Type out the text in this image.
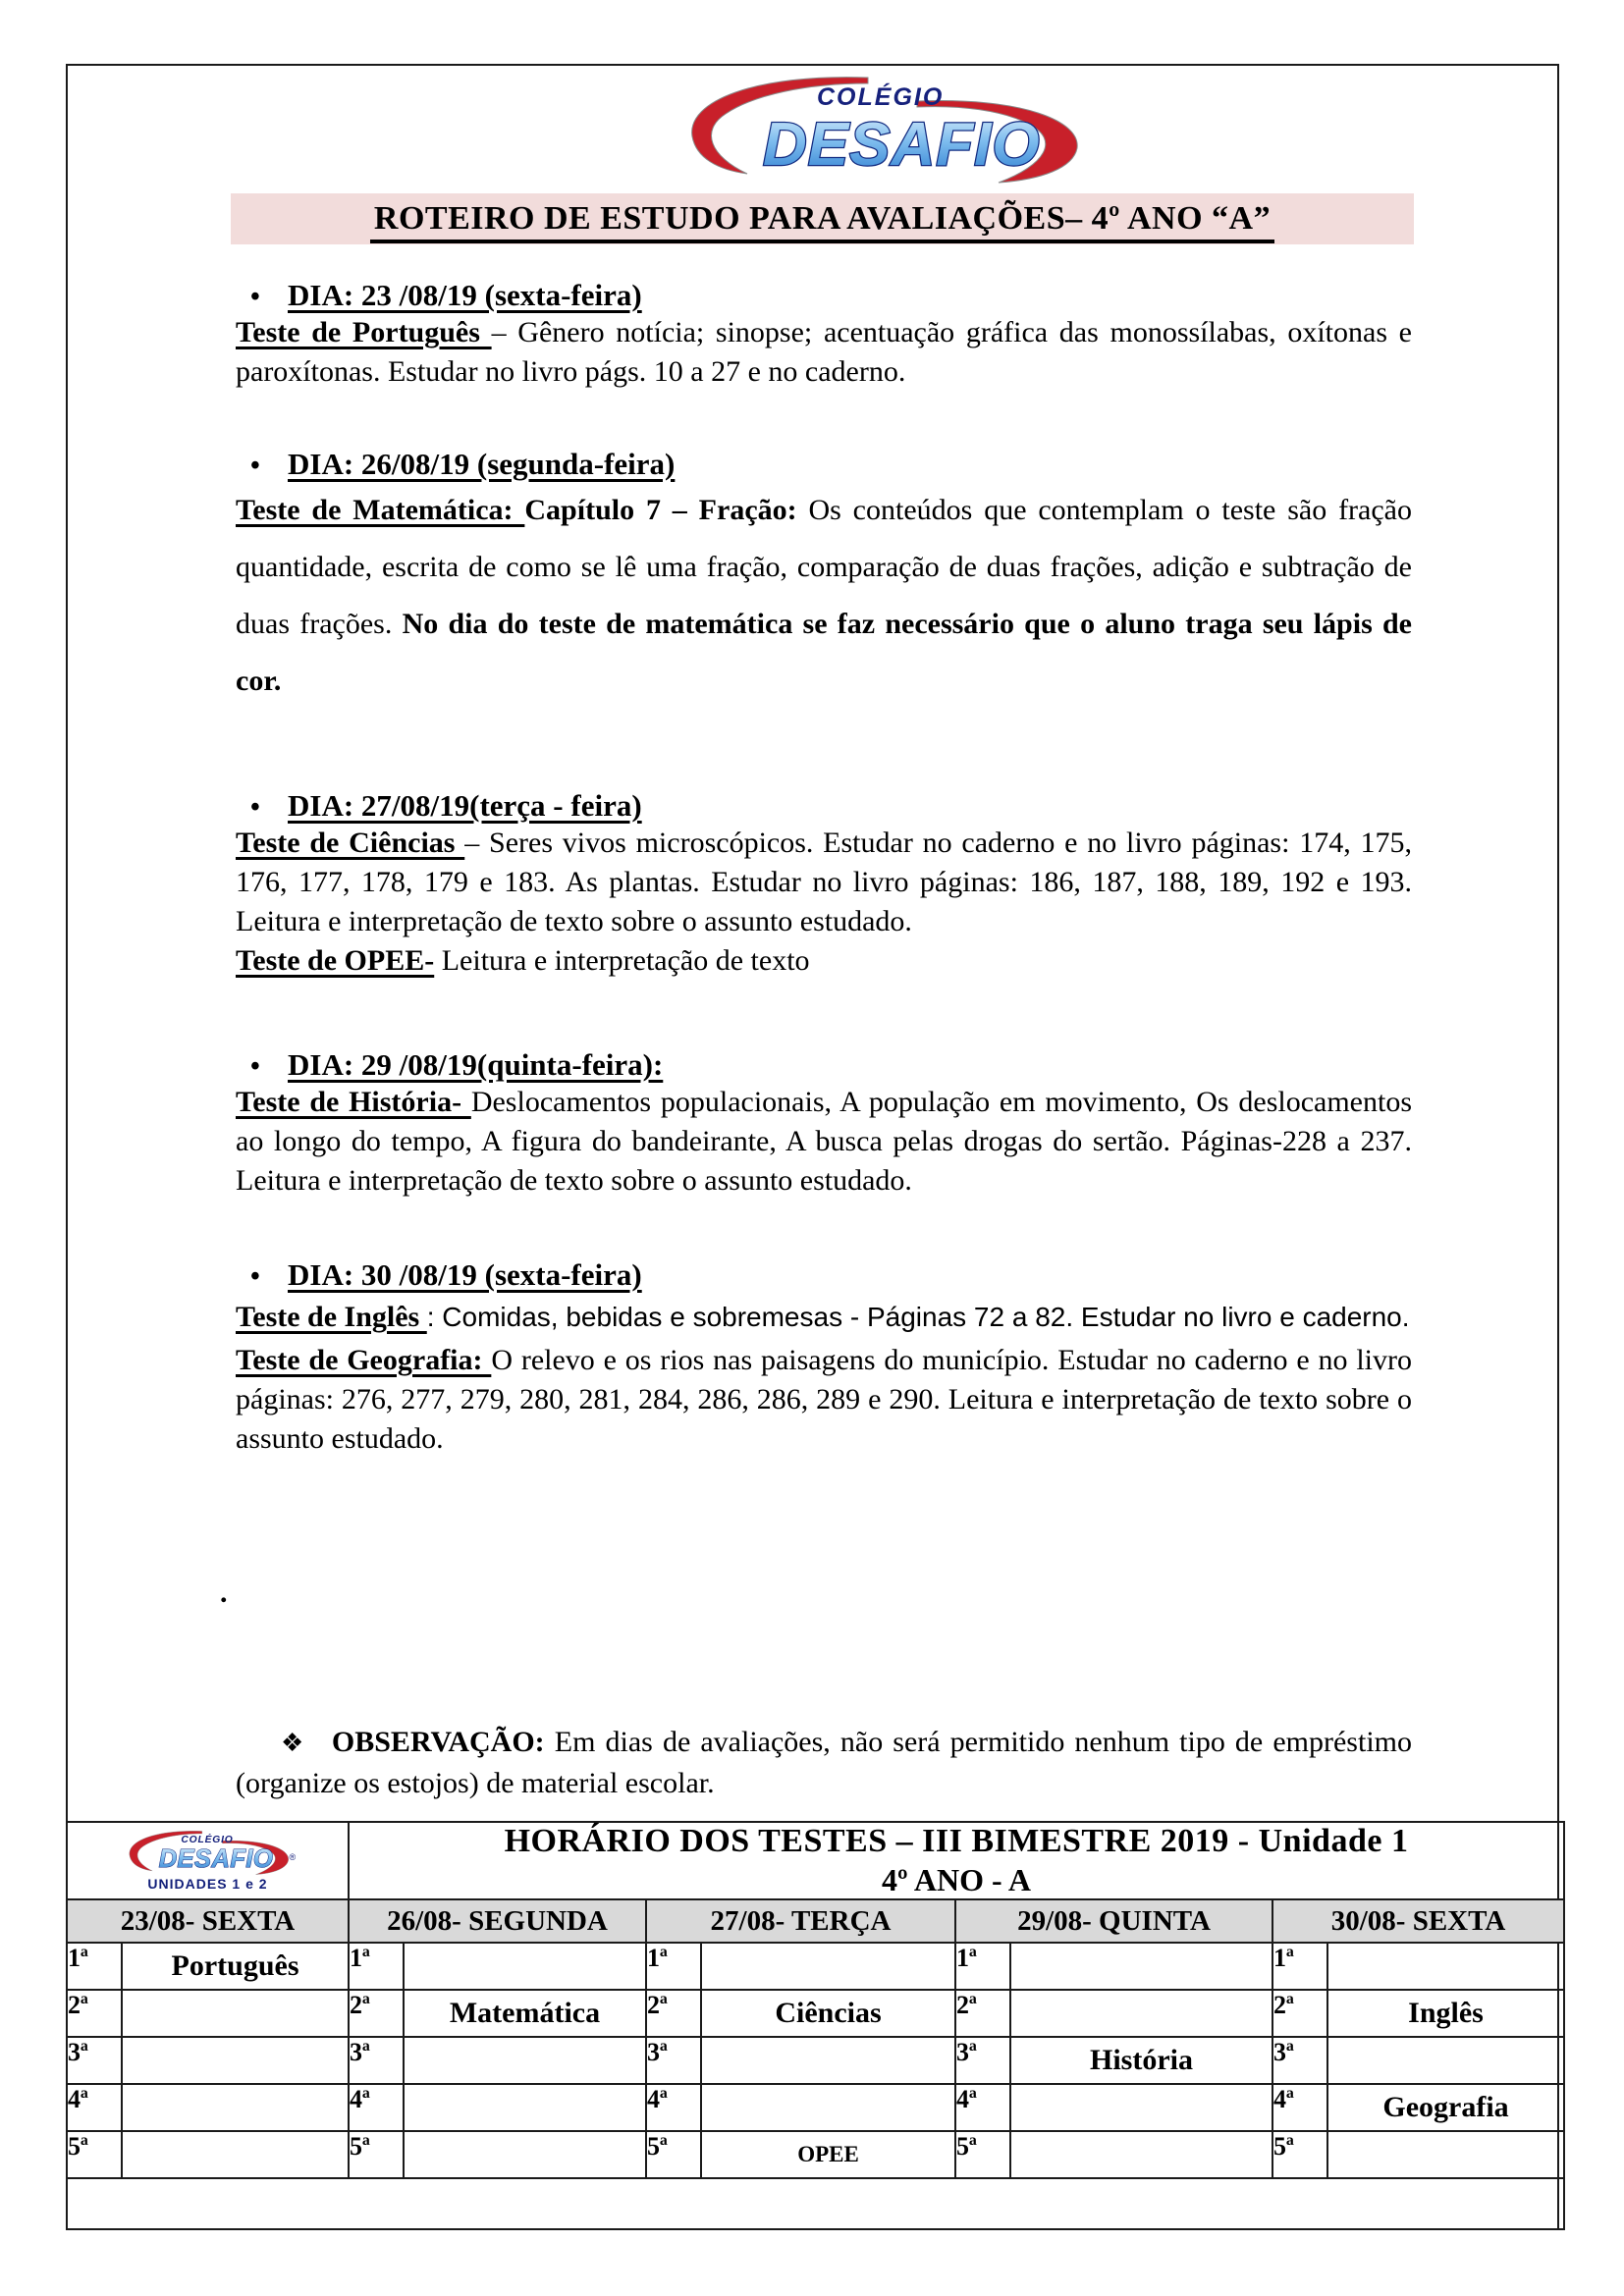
COLÉGIO
DESAFIO
ROTEIRO DE ESTUDO PARA AVALIAÇÕES– 4º ANO “A”
• DIA: 23 /08/19 (sexta-feira)

Teste de Português – Gênero notícia; sinopse; acentuação gráfica das monossílabas, oxítonas e paroxítonas. Estudar no livro págs. 10 a 27 e no caderno.

• DIA: 26/08/19 (segunda-feira)

Teste de Matemática: Capítulo 7 – Fração: Os conteúdos que contemplam o teste são fração quantidade, escrita de como se lê uma fração, comparação de duas frações, adição e subtração de duas frações. No dia do teste de matemática se faz necessário que o aluno traga seu lápis de cor.

• DIA: 27/08/19(terça - feira)

Teste de Ciências – Seres vivos microscópicos. Estudar no caderno e no livro páginas: 174, 175, 176, 177, 178, 179 e 183. As plantas. Estudar no livro páginas: 186, 187, 188, 189, 192 e 193. Leitura e interpretação de texto sobre o assunto estudado.

Teste de OPEE- Leitura e interpretação de texto

• DIA: 29 /08/19(quinta-feira):

Teste de História- Deslocamentos populacionais, A população em movimento, Os deslocamentos ao longo do tempo, A figura do bandeirante, A busca pelas drogas do sertão. Páginas-228 a 237. Leitura e interpretação de texto sobre o assunto estudado.

• DIA: 30 /08/19 (sexta-feira)

Teste de Inglês : Comidas, bebidas e sobremesas - Páginas 72 a 82. Estudar no livro e caderno.

Teste de Geografia: O relevo e os rios nas paisagens do município. Estudar no caderno e no livro páginas: 276, 277, 279, 280, 281, 284, 286, 286, 289 e 290. Leitura e interpretação de texto sobre o assunto estudado.

.

❖ OBSERVAÇÃO: Em dias de avaliações, não será permitido nenhum tipo de empréstimo (organize os estojos) de material escolar.

COLÉGIO
DESAFIO ®
UNIDADES 1 e 2

HORÁRIO DOS TESTES – III BIMESTRE 2019 - Unidade 1
4º ANO - A

23/08- SEXTA		26/08- SEGUNDA		27/08- TERÇA		29/08- QUINTA		30/08- SEXTA	
1ª	Português	1ª		1ª		1ª		1ª	
2ª		2ª	Matemática	2ª	Ciências	2ª		2ª	Inglês
3ª		3ª		3ª		3ª	História	3ª	
4ª		4ª		4ª		4ª		4ª	Geografia
5ª		5ª		5ª	OPEE	5ª		5ª	
